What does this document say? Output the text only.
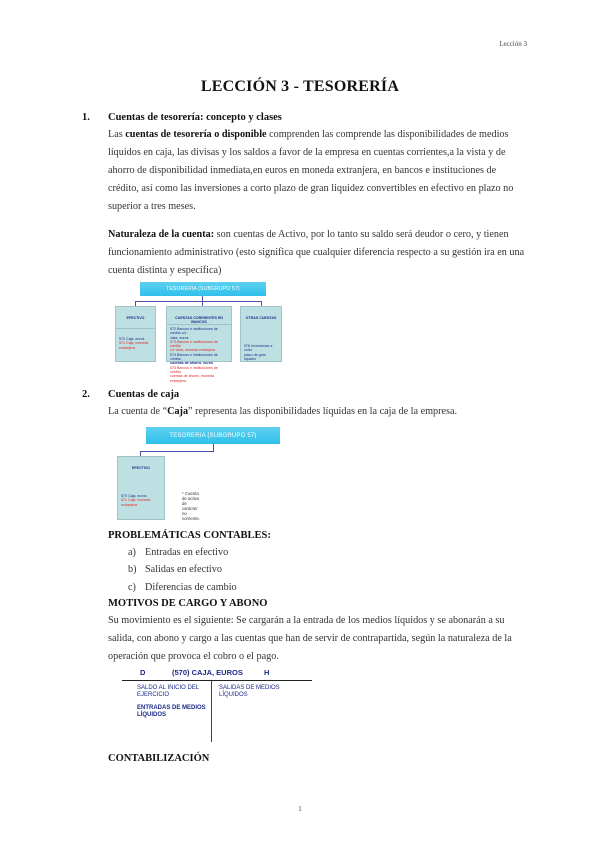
Lección 3
LECCIÓN 3 - TESORERÍA
1. Cuentas de tesorería: concepto y clases
Las cuentas de tesorería o disponible comprenden las comprende las disponibilidades de medios líquidos en caja, las divisas y los saldos a favor de la empresa en cuentas corrientes,a la vista y de ahorro de disponibilidad inmediata,en euros en moneda extranjera, en bancos e instituciones de crédito, así como las inversiones a corto plazo de gran liquidez convertibles en efectivo en plazo no superior a tres meses.
Naturaleza de la cuenta: son cuentas de Activo, por lo tanto su saldo será deudor o cero, y tienen funcionamiento administrativo (esto significa que cualquier diferencia respecto a su gestión ira en una cuenta distinta y específica)
TESORERIA (SUBGRUPO 57)
EFECTIVO
570 Caja, euros
571 Caja, moneda
extranjera
CUENTAS CORRIENTES EN BANCOS
572 Bancos e instituciones de crédito c/c
vista, euros
573 Bancos e instituciones de crédito
c/c vista, moneda extranjera
574 Bancos e instituciones de crédito,
cuentas de ahorro, euros
575 Bancos e instituciones de crédito,
cuentas de ahorro, moneda extranjera
OTRAS CUENTAS
576 Inversiones a corto
plazo de gran liquidez
2. Cuentas de caja
La cuenta de “Caja” representa las disponibilidades líquidas en la caja de la empresa.
TESORERIA (SUBGRUPO 57)
EFECTIVO
570 Caja, euros
571 Caja, moneda
extranjera
* Cuenta de activo de carácter no corriente.
PROBLEMÁTICAS CONTABLES:
a) Entradas en efectivo
b) Salidas en efectivo
c) Diferencias de cambio
MOTIVOS DE CARGO Y ABONO
Su movimiento es el siguiente: Se cargarán a la entrada de los medios líquidos y se abonarán a su salida, con abono y cargo a las cuentas que han de servir de contrapartida, según la naturaleza de la operación que provoca el cobro o el pago.
D	(570) CAJA, EUROS	H
SALDO AL INICIO DEL EJERCICIO
ENTRADAS DE MEDIOS LÍQUIDOS
SALIDAS DE MEDIOS LÍQUIDOS
CONTABILIZACIÓN
1
